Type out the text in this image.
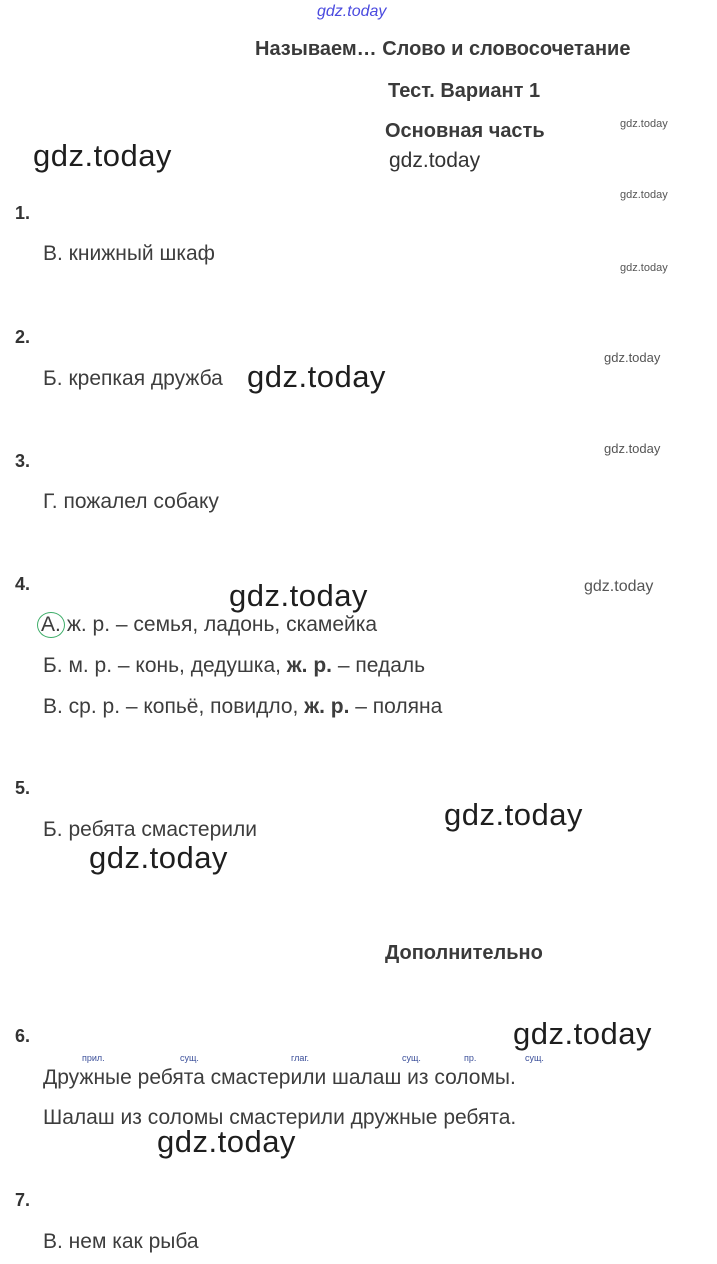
gdz.today
Называем… Слово и словосочетание
Тест. Вариант 1
Основная часть
gdz.today	gdz.today
gdz.today
gdz.today
gdz.today
1.
В. книжный шкаф
2.
Б. крепкая дружба gdz.today
gdz.today
gdz.today
3.
Г. пожалел собаку
4.	gdz.today	gdz.today
А. ж. р. – семья, ладонь, скамейка
Б. м. р. – конь, дедушка, ж. р. – педаль
В. ср. р. – копьё, повидло, ж. р. – поляна
5.
gdz.today
Б. ребята смастерили
gdz.today
Дополнительно
6.	gdz.today
прил.	сущ.	глаг.	сущ.	пр.	сущ.
Дружные ребята смастерили шалаш из соломы.
Шалаш из соломы смастерили дружные ребята.
gdz.today
7.
В. нем как рыба
